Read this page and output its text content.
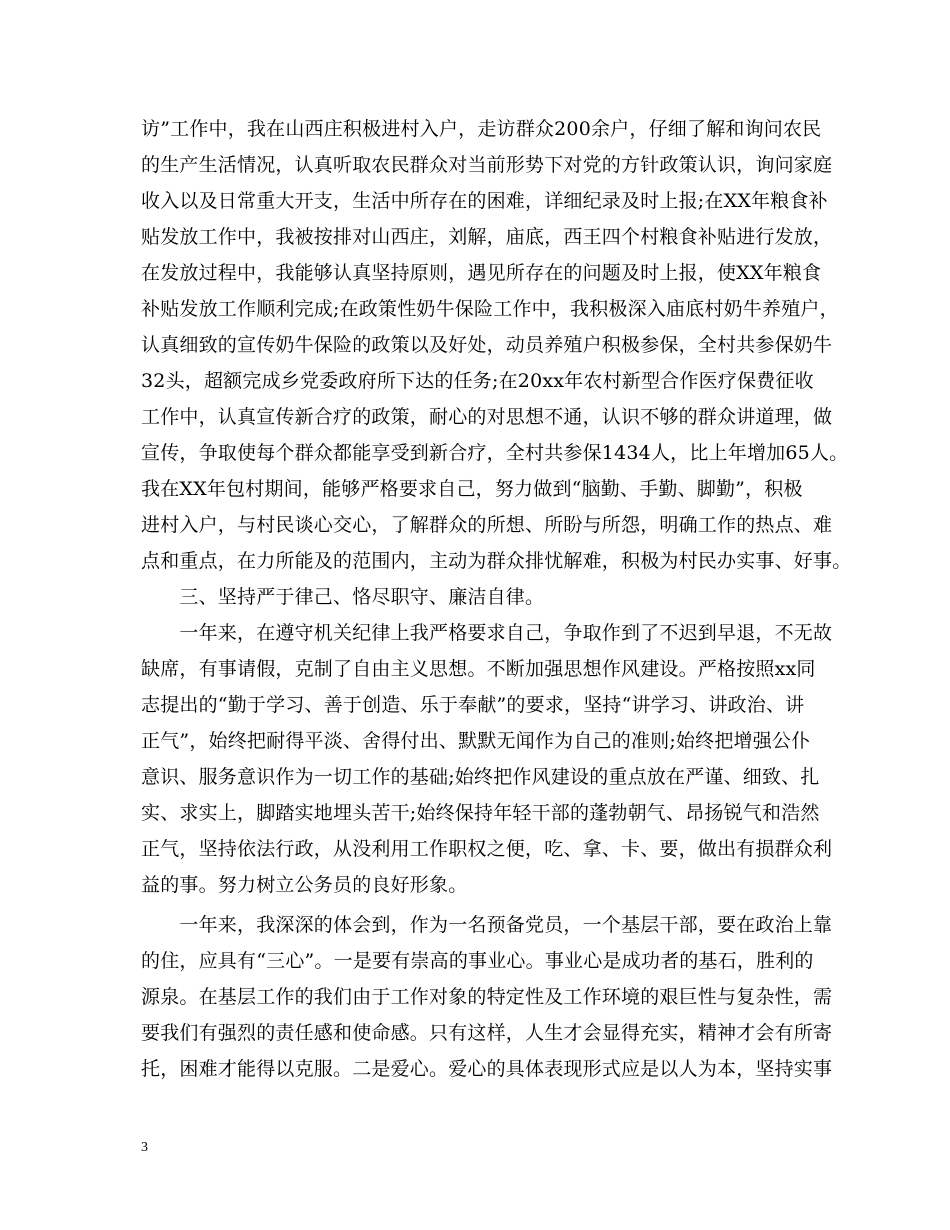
访”工作中，我在山西庄积极进村入户，走访群众200余户，仔细了解和询问农民
的生产生活情况，认真听取农民群众对当前形势下对党的方针政策认识，询问家庭
收入以及日常重大开支，生活中所存在的困难，详细纪录及时上报;在XX年粮食补
贴发放工作中，我被按排对山西庄，刘解，庙底，西王四个村粮食补贴进行发放，
在发放过程中，我能够认真坚持原则，遇见所存在的问题及时上报，使XX年粮食
补贴发放工作顺利完成;在政策性奶牛保险工作中，我积极深入庙底村奶牛养殖户，
认真细致的宣传奶牛保险的政策以及好处，动员养殖户积极参保，全村共参保奶牛
32头，超额完成乡党委政府所下达的任务;在20xx年农村新型合作医疗保费征收
工作中，认真宣传新合疗的政策，耐心的对思想不通，认识不够的群众讲道理，做
宣传，争取使每个群众都能享受到新合疗，全村共参保1434人，比上年增加65人。
我在XX年包村期间，能够严格要求自己，努力做到“脑勤、手勤、脚勤”，积极
进村入户，与村民谈心交心，了解群众的所想、所盼与所怨，明确工作的热点、难
点和重点，在力所能及的范围内，主动为群众排忧解难，积极为村民办实事、好事。
　　三、坚持严于律己、恪尽职守、廉洁自律。
　　一年来，在遵守机关纪律上我严格要求自己，争取作到了不迟到早退，不无故
缺席，有事请假，克制了自由主义思想。不断加强思想作风建设。严格按照xx同
志提出的“勤于学习、善于创造、乐于奉献”的要求，坚持“讲学习、讲政治、讲
正气”，始终把耐得平淡、舍得付出、默默无闻作为自己的准则;始终把增强公仆
意识、服务意识作为一切工作的基础;始终把作风建设的重点放在严谨、细致、扎
实、求实上，脚踏实地埋头苦干;始终保持年轻干部的蓬勃朝气、昂扬锐气和浩然
正气，坚持依法行政，从没利用工作职权之便，吃、拿、卡、要，做出有损群众利
益的事。努力树立公务员的良好形象。
　　一年来，我深深的体会到，作为一名预备党员，一个基层干部，要在政治上靠
的住，应具有“三心”。一是要有崇高的事业心。事业心是成功者的基石，胜利的
源泉。在基层工作的我们由于工作对象的特定性及工作环境的艰巨性与复杂性，需
要我们有强烈的责任感和使命感。只有这样，人生才会显得充实，精神才会有所寄
托，困难才能得以克服。二是爱心。爱心的具体表现形式应是以人为本，坚持实事
3
